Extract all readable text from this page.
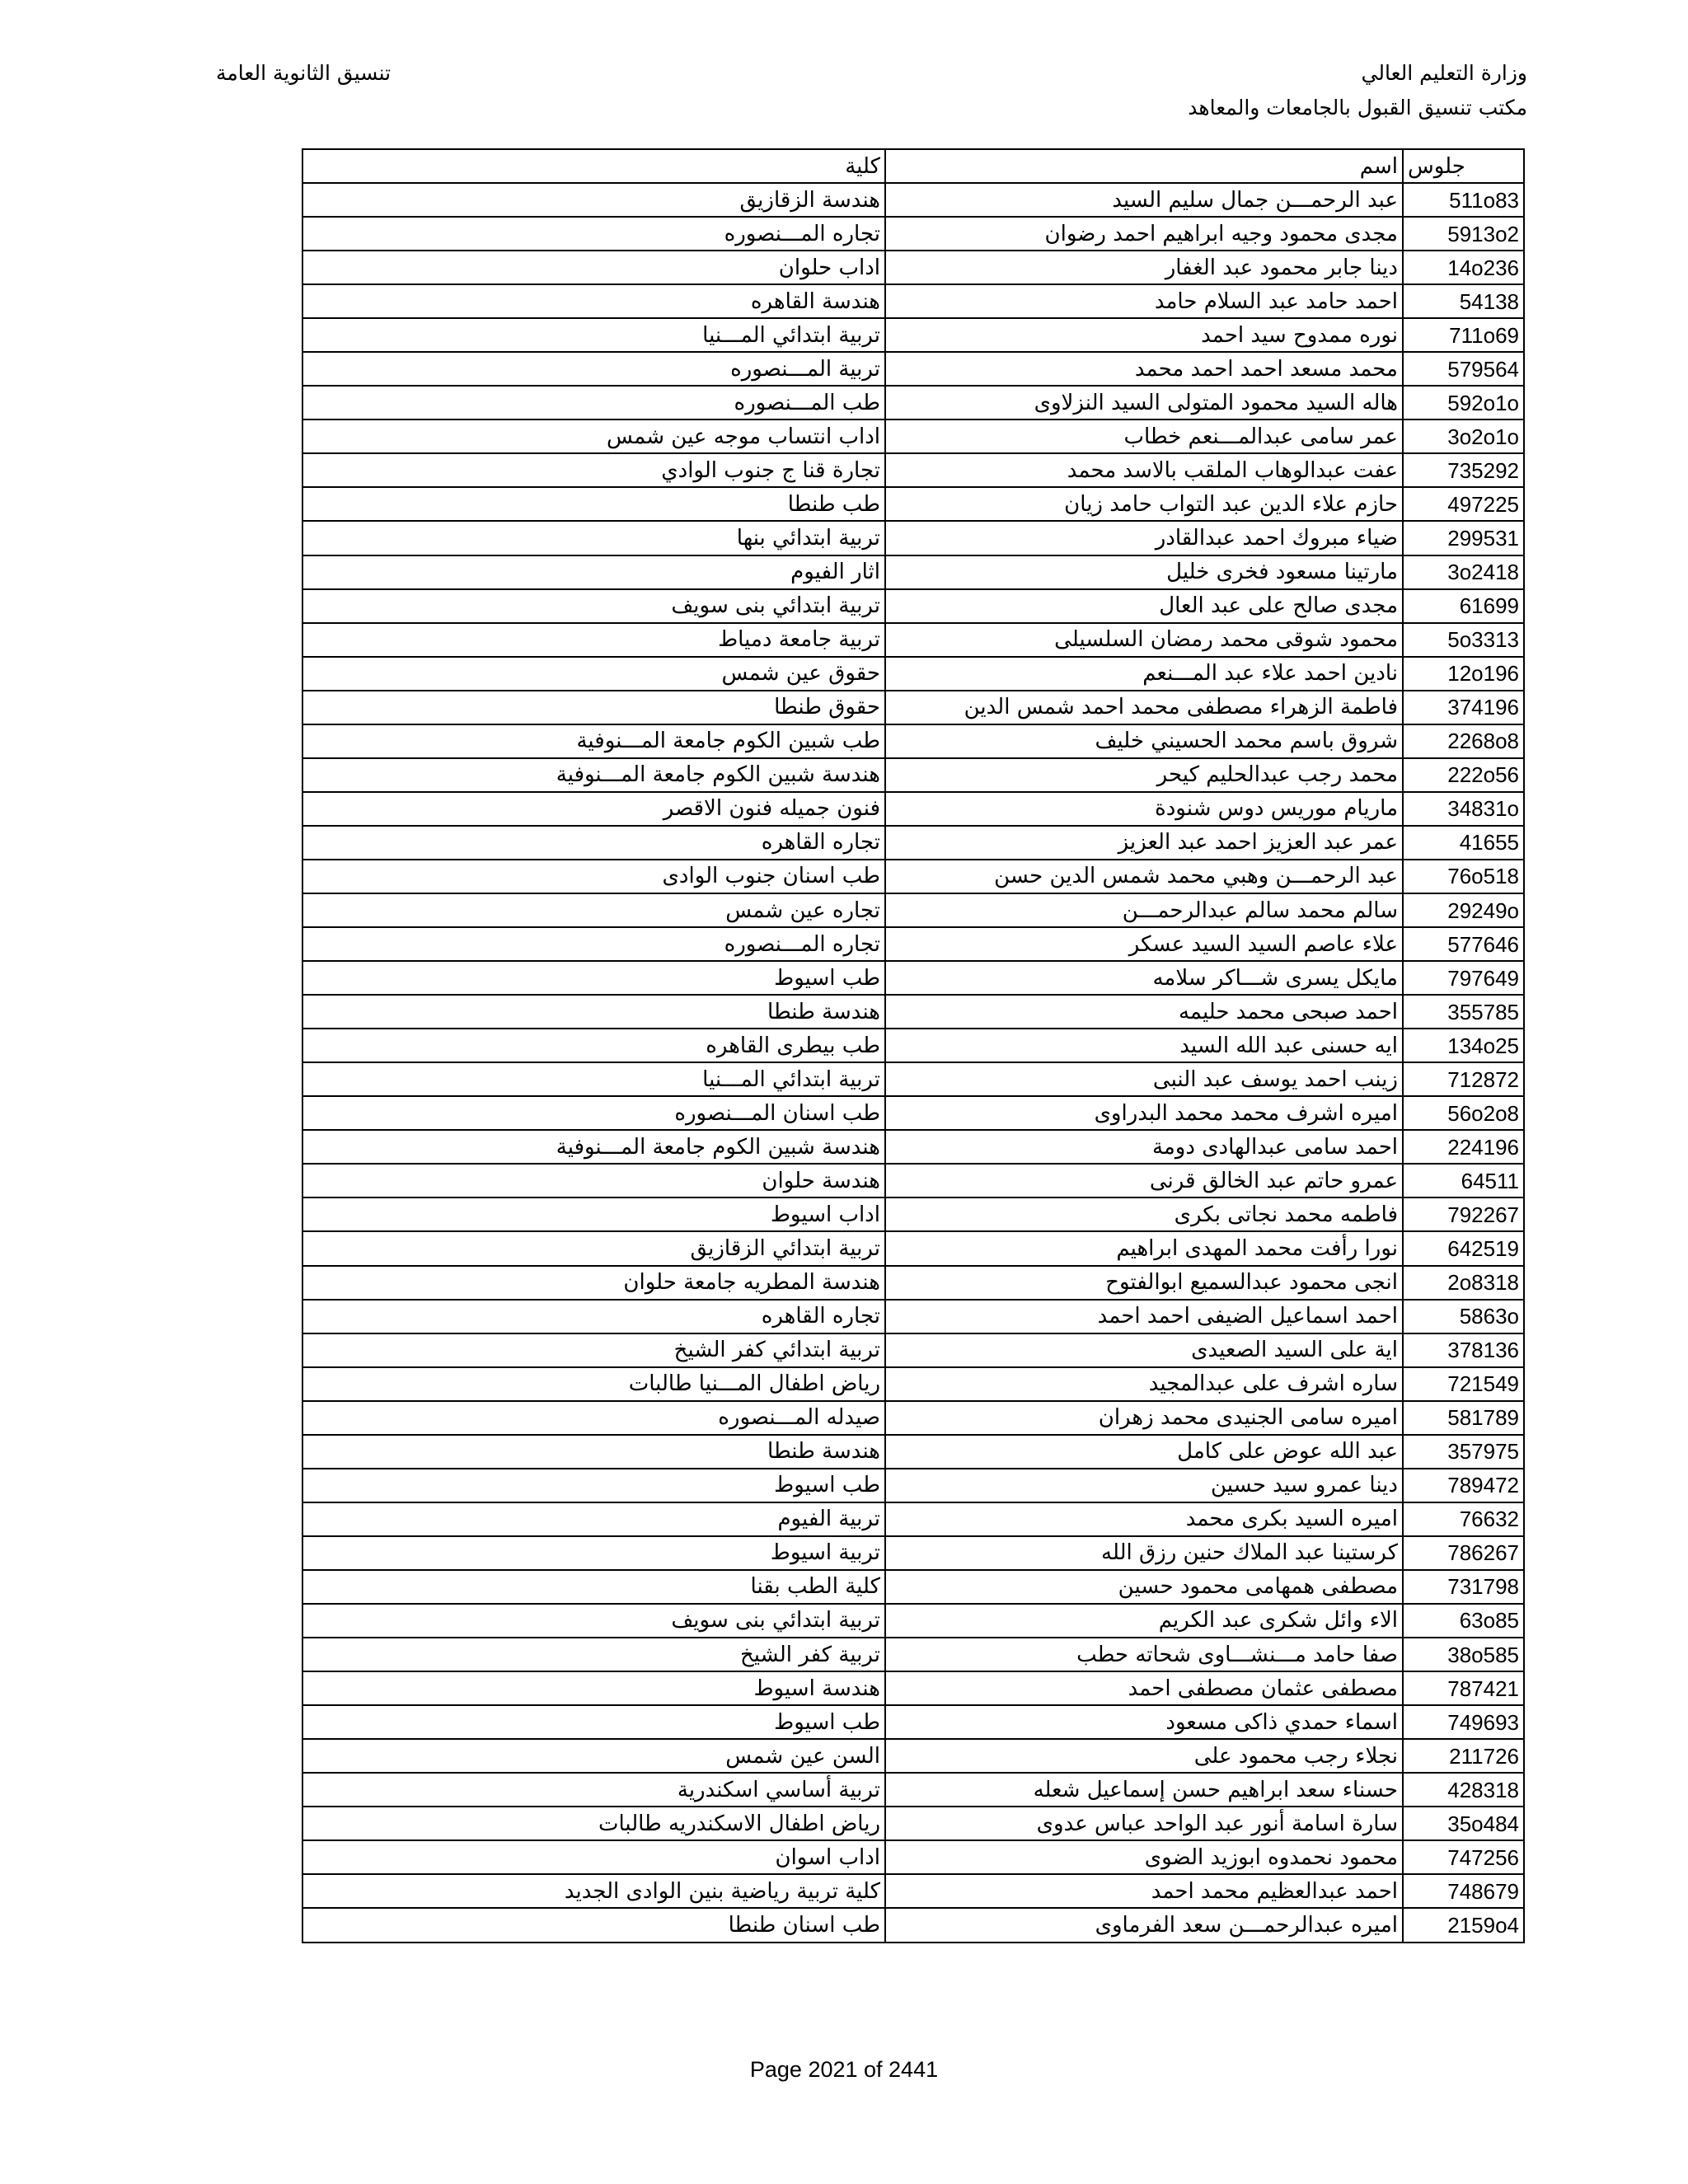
وزارة التعليم العالي
مكتب تنسيق القبول بالجامعات والمعاهد
تنسيق الثانوية العامة
جلوس	اسم	كلية
511o83	عبد الرحمـــن جمال سليم السيد	هندسة الزقازيق
5913o2	مجدى محمود وجيه ابراهيم احمد رضوان	تجاره المـــنصوره
14o236	دينا جابر محمود عبد الغفار	اداب حلوان
54138	احمد حامد عبد السلام حامد	هندسة القاهره
711o69	نوره ممدوح سيد احمد	تربية ابتدائي المـــنيا
579564	محمد مسعد احمد احمد محمد	تربية المـــنصوره
592o1o	هاله السيد محمود المتولى السيد النزلاوى	طب المـــنصوره
3o2o1o	عمر سامى عبدالمـــنعم خطاب	اداب انتساب موجه عين شمس
735292	عفت عبدالوهاب الملقب بالاسد محمد	تجارة قنا ج جنوب الوادي
497225	حازم علاء الدين عبد التواب حامد زيان	طب طنطا
299531	ضياء مبروك احمد عبدالقادر	تربية ابتدائي بنها
3o2418	مارتينا مسعود فخرى خليل	اثار الفيوم
61699	مجدى صالح على عبد العال	تربية ابتدائي بنى سويف
5o3313	محمود شوقى محمد رمضان السلسيلى	تربية جامعة دمياط
12o196	نادين احمد علاء عبد المـــنعم	حقوق عين شمس
374196	فاطمة الزهراء مصطفى محمد احمد شمس الدين	حقوق طنطا
2268o8	شروق باسم محمد الحسيني خليف	طب شبين الكوم جامعة المـــنوفية
222o56	محمد رجب عبدالحليم كيحر	هندسة شبين الكوم جامعة المـــنوفية
34831o	ماريام موريس دوس شنودة	فنون جميله فنون الاقصر
41655	عمر عبد العزيز احمد عبد العزيز	تجاره القاهره
76o518	عبد الرحمـــن وهبي محمد شمس الدين حسن	طب اسنان جنوب الوادى
29249o	سالم محمد سالم عبدالرحمـــن	تجاره عين شمس
577646	علاء عاصم السيد السيد عسكر	تجاره المـــنصوره
797649	مايكل يسرى شـــاكر سلامه	طب اسيوط
355785	احمد صبحى محمد حليمه	هندسة طنطا
134o25	ايه حسنى عبد الله السيد	طب بيطرى القاهره
712872	زينب احمد يوسف عبد النبى	تربية ابتدائي المـــنيا
56o2o8	اميره اشرف محمد محمد البدراوى	طب اسنان المـــنصوره
224196	احمد سامى عبدالهادى دومة	هندسة شبين الكوم جامعة المـــنوفية
64511	عمرو حاتم عبد الخالق قرنى	هندسة حلوان
792267	فاطمه محمد نجاتى بكرى	اداب اسيوط
642519	نورا رأفت محمد المهدى ابراهيم	تربية ابتدائي الزقازيق
2o8318	انجى محمود عبدالسميع ابوالفتوح	هندسة المطريه جامعة حلوان
5863o	احمد اسماعيل الضيفى احمد احمد	تجاره القاهره
378136	اية على السيد الصعيدى	تربية ابتدائي كفر الشيخ
721549	ساره اشرف على عبدالمجيد	رياض اطفال المـــنيا طالبات
581789	اميره سامى الجنيدى محمد زهران	صيدله المـــنصوره
357975	عبد الله عوض على كامل	هندسة طنطا
789472	دينا عمرو سيد حسين	طب اسيوط
76632	اميره السيد بكرى محمد	تربية الفيوم
786267	كرستينا عبد الملاك حنين رزق الله	تربية اسيوط
731798	مصطفى همهامى محمود حسين	كلية الطب بقنا
63o85	الاء وائل شكرى عبد الكريم	تربية ابتدائي بنى سويف
38o585	صفا حامد مـــنشـــاوى شحاته حطب	تربية كفر الشيخ
787421	مصطفى عثمان مصطفى احمد	هندسة اسيوط
749693	اسماء حمدي ذاكى مسعود	طب اسيوط
211726	نجلاء رجب محمود على	السن عين شمس
428318	حسناء سعد ابراهيم حسن إسماعيل شعله	تربية أساسي اسكندرية
35o484	سارة اسامة أنور عبد الواحد عباس عدوى	رياض اطفال الاسكندريه طالبات
747256	محمود نحمدوه ابوزيد الضوى	اداب اسوان
748679	احمد عبدالعظيم محمد احمد	كلية تربية رياضية بنين الوادى الجديد
2159o4	اميره عبدالرحمـــن سعد الفرماوى	طب اسنان طنطا
Page 2021 of 2441
